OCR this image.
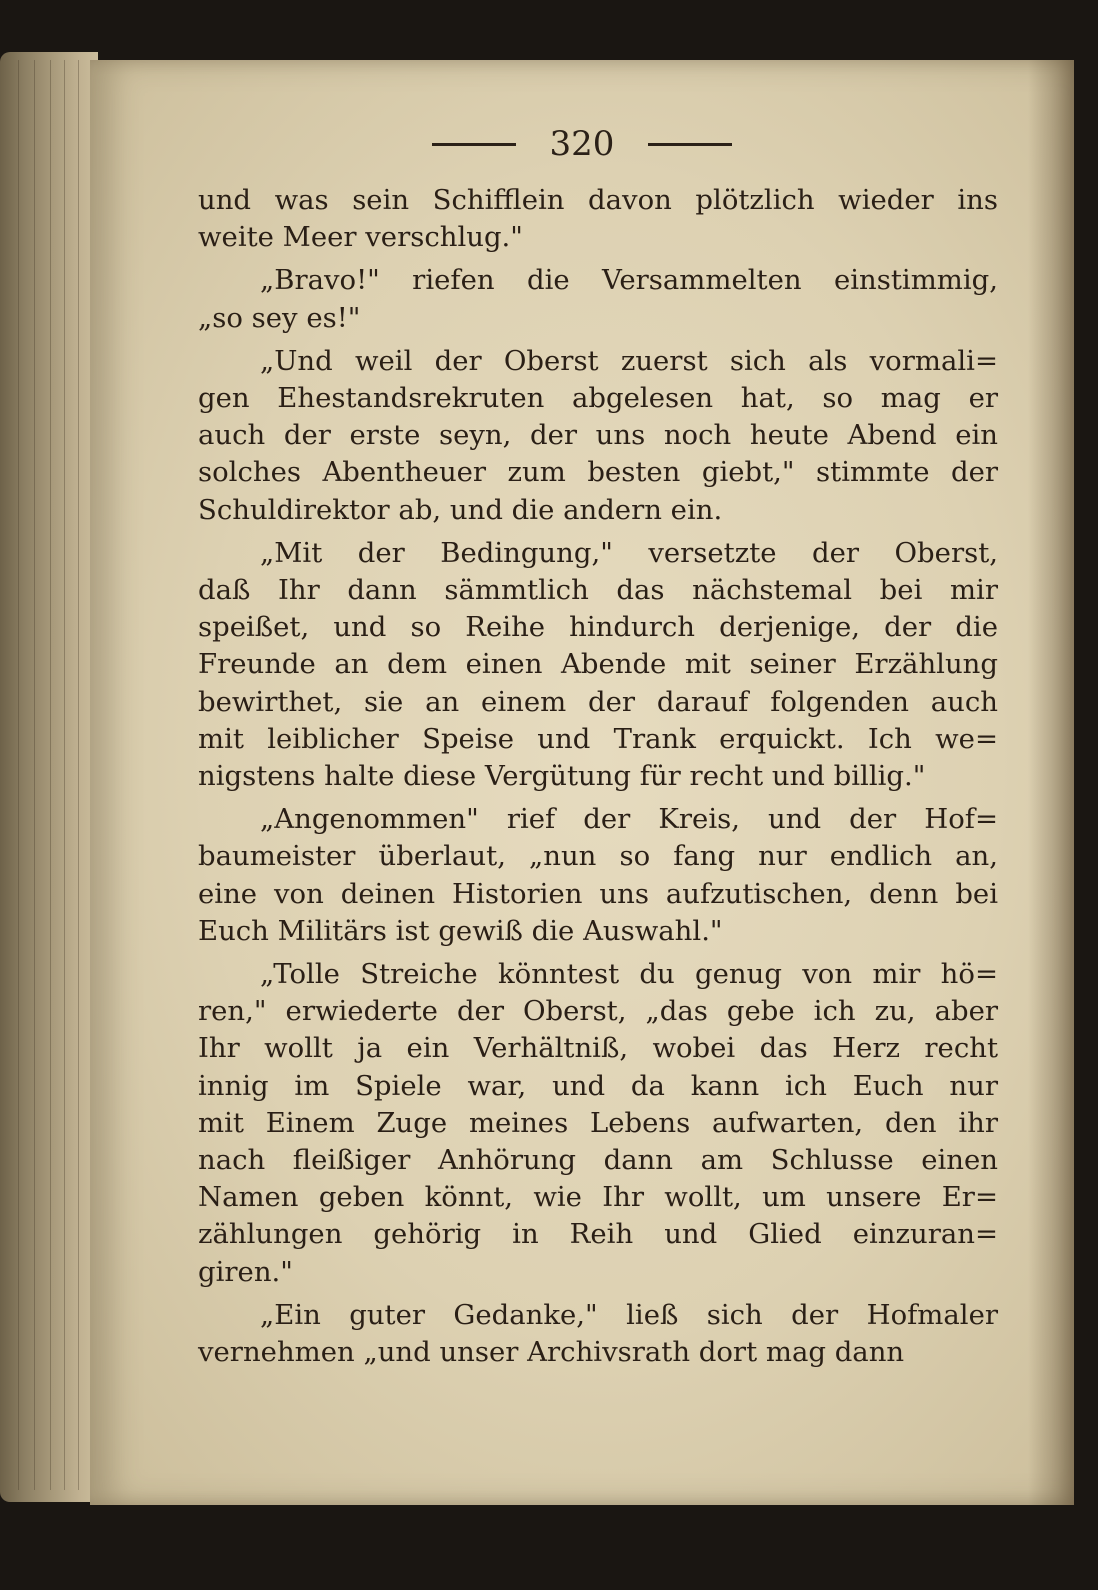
320
und was sein Schifflein davon plötzlich wieder ins
weite Meer verschlug."
„Bravo!" riefen die Versammelten einstimmig,
„so sey es!"
„Und weil der Oberst zuerst sich als vormali=
gen Ehestandsrekruten abgelesen hat, so mag er
auch der erste seyn, der uns noch heute Abend ein
solches Abentheuer zum besten giebt," stimmte der
Schuldirektor ab, und die andern ein.
„Mit der Bedingung," versetzte der Oberst,
daß Ihr dann sämmtlich das nächstemal bei mir
speißet, und so Reihe hindurch derjenige, der die
Freunde an dem einen Abende mit seiner Erzählung
bewirthet, sie an einem der darauf folgenden auch
mit leiblicher Speise und Trank erquickt. Ich we=
nigstens halte diese Vergütung für recht und billig."
„Angenommen" rief der Kreis, und der Hof=
baumeister überlaut, „nun so fang nur endlich an,
eine von deinen Historien uns aufzutischen, denn bei
Euch Militärs ist gewiß die Auswahl."
„Tolle Streiche könntest du genug von mir hö=
ren," erwiederte der Oberst, „das gebe ich zu, aber
Ihr wollt ja ein Verhältniß, wobei das Herz recht
innig im Spiele war, und da kann ich Euch nur
mit Einem Zuge meines Lebens aufwarten, den ihr
nach fleißiger Anhörung dann am Schlusse einen
Namen geben könnt, wie Ihr wollt, um unsere Er=
zählungen gehörig in Reih und Glied einzuran=
giren."
„Ein guter Gedanke," ließ sich der Hofmaler
vernehmen „und unser Archivsrath dort mag dann
